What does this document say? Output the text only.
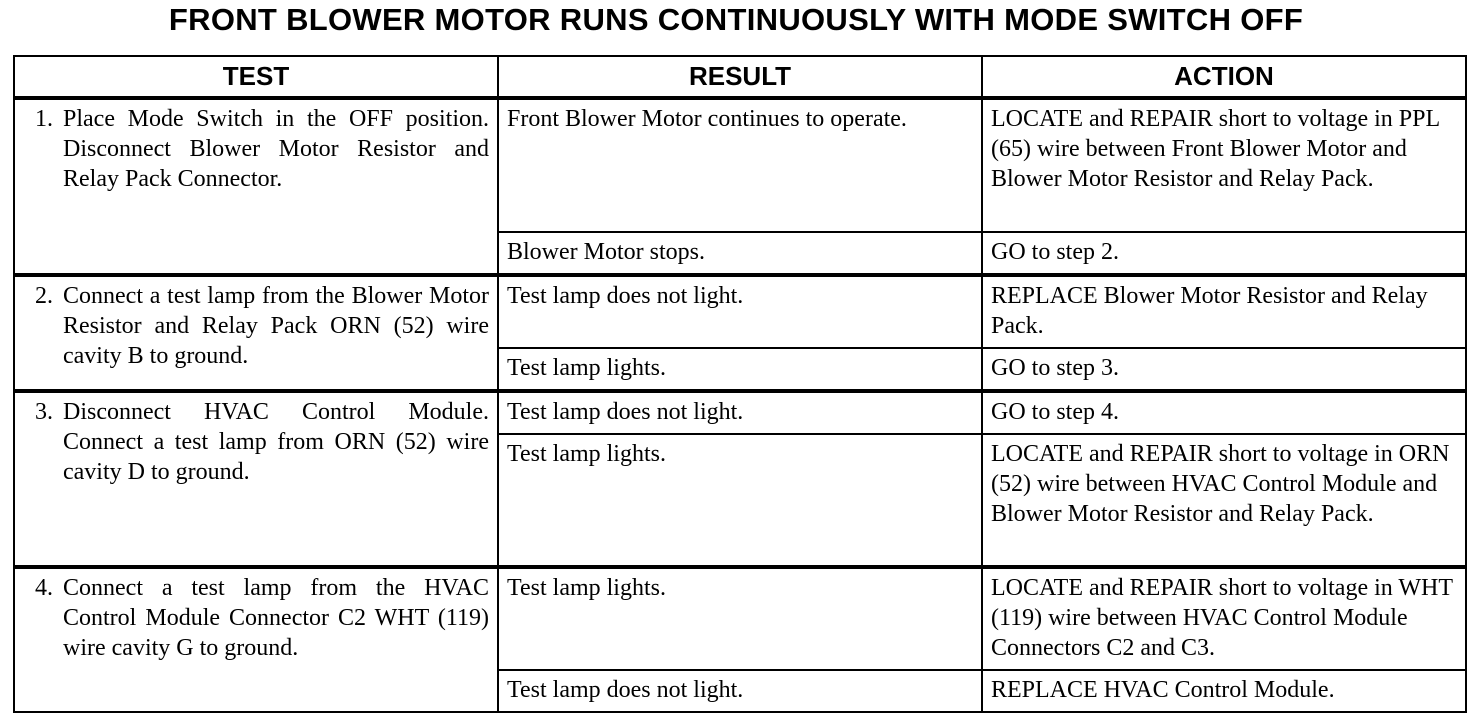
FRONT BLOWER MOTOR RUNS CONTINUOUSLY WITH MODE SWITCH OFF
TEST	RESULT	ACTION

1. Place Mode Switch in the OFF position. Disconnect Blower Motor Resistor and Relay Pack Connector.	Front Blower Motor continues to operate.	LOCATE and REPAIR short to voltage in PPL (65) wire between Front Blower Motor and Blower Motor Resistor and Relay Pack.
	Blower Motor stops.	GO to step 2.

2. Connect a test lamp from the Blower Motor Resistor and Relay Pack ORN (52) wire cavity B to ground.	Test lamp does not light.	REPLACE Blower Motor Resistor and Relay Pack.
	Test lamp lights.	GO to step 3.

3. Disconnect HVAC Control Module. Connect a test lamp from ORN (52) wire cavity D to ground.	Test lamp does not light.	GO to step 4.
	Test lamp lights.	LOCATE and REPAIR short to voltage in ORN (52) wire between HVAC Control Module and Blower Motor Resistor and Relay Pack.

4. Connect a test lamp from the HVAC Control Module Connector C2 WHT (119) wire cavity G to ground.	Test lamp lights.	LOCATE and REPAIR short to voltage in WHT (119) wire between HVAC Control Module Connectors C2 and C3.
	Test lamp does not light.	REPLACE HVAC Control Module.
